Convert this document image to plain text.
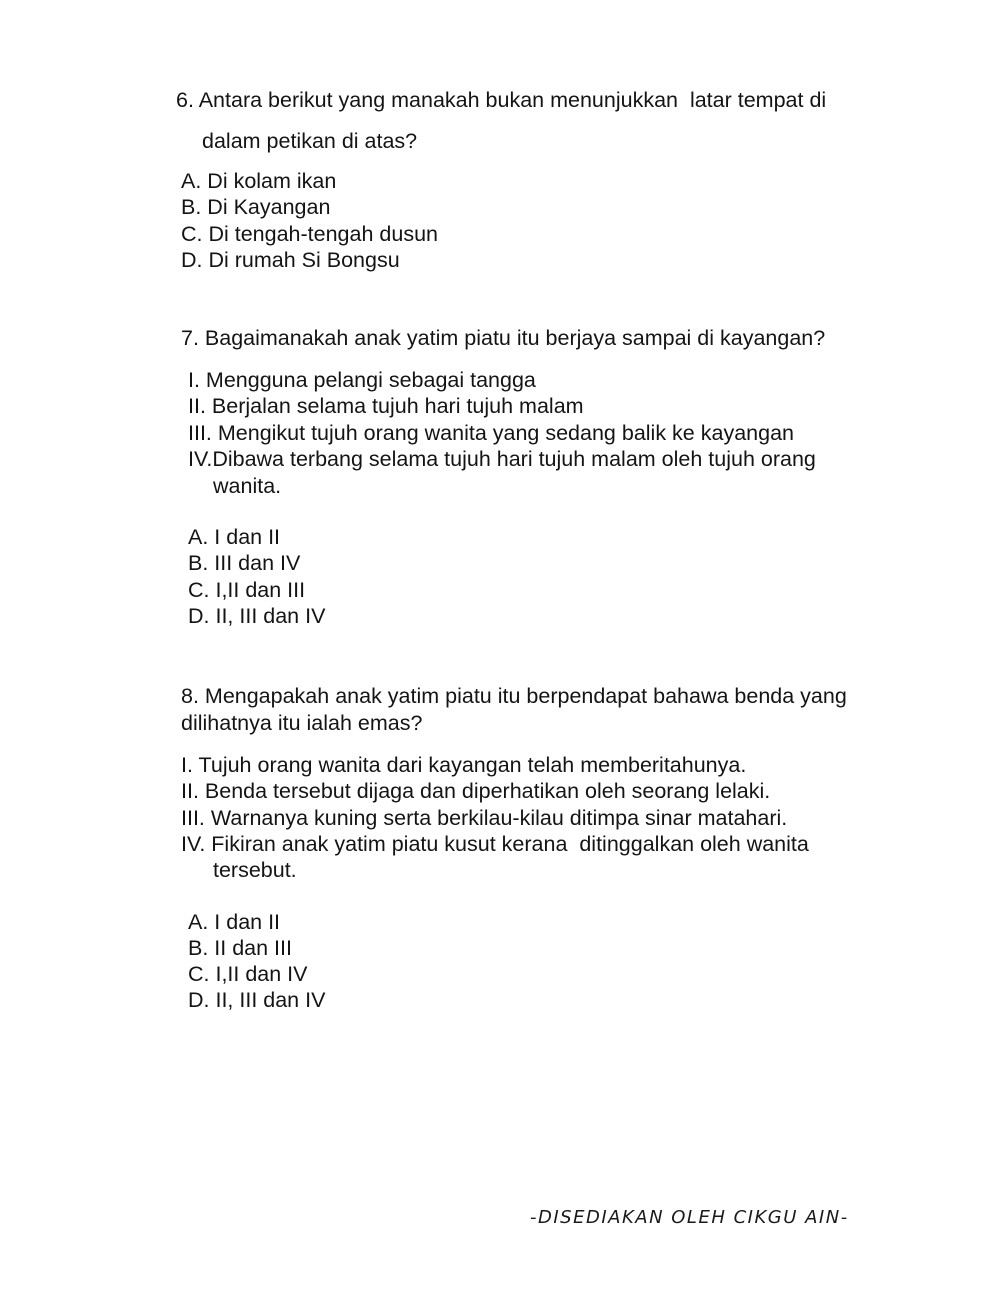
6. Antara berikut yang manakah bukan menunjukkan  latar tempat di
dalam petikan di atas?
A. Di kolam ikan
B. Di Kayangan
C. Di tengah-tengah dusun
D. Di rumah Si Bongsu
7. Bagaimanakah anak yatim piatu itu berjaya sampai di kayangan?
I. Mengguna pelangi sebagai tangga
II. Berjalan selama tujuh hari tujuh malam
III. Mengikut tujuh orang wanita yang sedang balik ke kayangan
IV.Dibawa terbang selama tujuh hari tujuh malam oleh tujuh orang
wanita.
A. I dan II
B. III dan IV
C. I,II dan III
D. II, III dan IV
8. Mengapakah anak yatim piatu itu berpendapat bahawa benda yang
dilihatnya itu ialah emas?
I. Tujuh orang wanita dari kayangan telah memberitahunya.
II. Benda tersebut dijaga dan diperhatikan oleh seorang lelaki.
III. Warnanya kuning serta berkilau-kilau ditimpa sinar matahari.
IV. Fikiran anak yatim piatu kusut kerana  ditinggalkan oleh wanita
tersebut.
A. I dan II
B. II dan III
C. I,II dan IV
D. II, III dan IV
-DISEDIAKAN OLEH CIKGU AIN-
